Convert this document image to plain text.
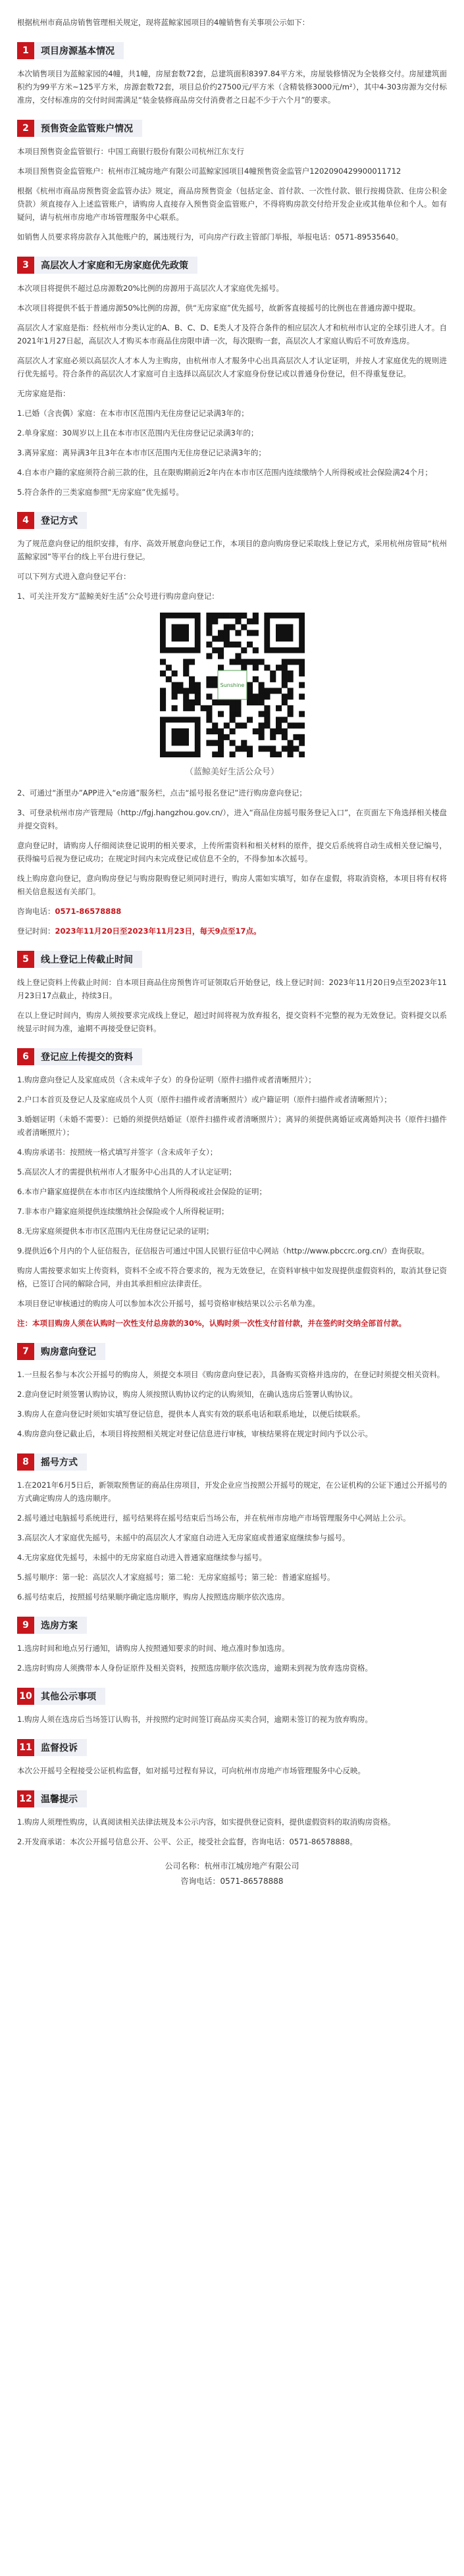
根据杭州市商品房销售管理相关规定，现将蓝鲸家园项目的4幢销售有关事项公示如下：

1	项目房源基本情况

本次销售项目为蓝鲸家园的4幢，共1幢，房屋套数72套，总建筑面积8397.84平方米，房屋装修情况为全装修交付。房屋建筑面积约为99平方米~125平方米，房源套数72套，项目总价约27500元/平方米（含精装修3000元/m²），其中4-303房源为交付标准房，交付标准房的交付时间需满足“装金装修商品房交付消费者之日起不少于六个月”的要求。

2	预售资金监管账户情况

本项目预售资金监管银行：中国工商银行股份有限公司杭州江东支行

本项目预售资金监管账户：杭州市江城房地产有限公司蓝鲸家园项目4幢预售资金监管户1202090429900011712

根据《杭州市商品房预售资金监管办法》规定，商品房预售资金（包括定金、首付款、一次性付款、银行按揭贷款、住房公积金贷款）须直接存入上述监管账户，请购房人直接存入预售资金监管账户，不得将购房款交付给开发企业或其他单位和个人。如有疑问，请与杭州市房地产市场管理服务中心联系。

如销售人员要求将房款存入其他账户的，属违规行为，可向房产行政主管部门举报，举报电话：0571-89535640。

3	高层次人才家庭和无房家庭优先政策

本次项目将提供不超过总房源数20%比例的房源用于高层次人才家庭优先摇号。

本次项目将提供不低于普通房源50%比例的房源，供“无房家庭”优先摇号，故新客直接摇号的比例也在普通房源中提取。

高层次人才家庭是指：经杭州市分类认定的A、B、C、D、E类人才及符合条件的相应层次人才和杭州市认定的全球引进人才。自2021年1月27日起，高层次人才购买本市商品住房限申请一次，每次限购一套，高层次人才家庭认购后不可放弃选房。

高层次人才家庭必须以高层次人才本人为主购房，由杭州市人才服务中心出具高层次人才认定证明，并按人才家庭优先的规则进行优先摇号。符合条件的高层次人才家庭可自主选择以高层次人才家庭身份登记或以普通身份登记，但不得重复登记。

无房家庭是指：

1.已婚（含丧偶）家庭：在本市市区范围内无住房登记记录满3年的；

2.单身家庭：30周岁以上且在本市市区范围内无住房登记记录满3年的；

3.离异家庭：离异满3年且3年在本市市区范围内无住房登记记录满3年的；

4.自本市户籍的家庭须符合前三款的住，且在限购期前近2年内在本市市区范围内连续缴纳个人所得税或社会保险满24个月；

5.符合条件的三类家庭参照“无房家庭”优先摇号。

4	登记方式

为了规范意向登记的组织安排，有序、高效开展意向登记工作，本项目的意向购房登记采取线上登记方式，采用杭州房管局“杭州蓝鲸家园”等平台的线上平台进行登记。

可以下列方式进入意向登记平台：

1、可关注开发方“蓝鲸美好生活”公众号进行购房意向登记：

Sunshine
（蓝鲸美好生活公众号）

2、可通过“浙里办”APP进入“e房通”服务栏，点击“摇号报名登记”进行购房意向登记；

3、可登录杭州市房产管理局（http://fgj.hangzhou.gov.cn/），进入“商品住房摇号服务登记入口”，在页面左下角选择相关楼盘并提交资料。

意向登记时，请购房人仔细阅读登记说明的相关要求，上传所需资料和相关材料的原件，提交后系统将自动生成相关登记编号，获得编号后视为登记成功；在规定时间内未完成登记或信息不全的，不得参加本次摇号。

线上购房意向登记，意向购房登记与购房限购登记须同时进行，购房人需如实填写，如存在虚假，将取消资格，本项目将有权将相关信息报送有关部门。

咨询电话：0571-86578888

登记时间：2023年11月20日至2023年11月23日，每天9点至17点。

5	线上登记上传截止时间

线上登记资料上传截止时间：自本项目商品住房预售许可证领取后开始登记，线上登记时间：2023年11月20日9点至2023年11月23日17点截止，持续3日。

在以上登记时间内，购房人须按要求完成线上登记，超过时间将视为放弃报名，提交资料不完整的视为无效登记。资料提交以系统显示时间为准，逾期不再接受登记资料。

6	登记应上传提交的资料

1.购房意向登记人及家庭成员（含未成年子女）的身份证明（原件扫描件或者清晰照片）；

2.户口本首页及登记人及家庭成员个人页（原件扫描件或者清晰照片）或户籍证明（原件扫描件或者清晰照片）；

3.婚姻证明（未婚不需要）：已婚的须提供结婚证（原件扫描件或者清晰照片）；离异的须提供离婚证或离婚判决书（原件扫描件或者清晰照片）；

4.购房承诺书：按照统一格式填写并签字（含未成年子女）；

5.高层次人才的需提供杭州市人才服务中心出具的人才认定证明；

6.本市户籍家庭提供在本市市区内连续缴纳个人所得税或社会保险的证明；

7.非本市户籍家庭须提供连续缴纳社会保险或个人所得税证明；

8.无房家庭须提供本市市区范围内无住房登记记录的证明；

9.提供近6个月内的个人征信报告，征信报告可通过中国人民银行征信中心网站（http://www.pbccrc.org.cn/）查询获取。

购房人需按要求如实上传资料，资料不全或不符合要求的，视为无效登记，在资料审核中如发现提供虚假资料的，取消其登记资格，已签订合同的解除合同，并由其承担相应法律责任。

本项目登记审核通过的购房人可以参加本次公开摇号，摇号资格审核结果以公示名单为准。

注：本项目购房人须在认购时一次性支付总房款的30%，认购时须一次性支付首付款，并在签约时交纳全部首付款。

7	购房意向登记

1.一旦报名参与本次公开摇号的购房人，须提交本项目《购房意向登记表》，具备购买资格并选房的，在登记时须提交相关资料。

2.意向登记时须签署认购协议，购房人须按照认购协议约定的认购须知，在确认选房后签署认购协议。

3.购房人在意向登记时须如实填写登记信息，提供本人真实有效的联系电话和联系地址，以便后续联系。

4.购房意向登记截止后，本项目将按照相关规定对登记信息进行审核，审核结果将在规定时间内予以公示。

8	摇号方式

1.在2021年6月5日后，新领取预售证的商品住房项目，开发企业应当按照公开摇号的规定，在公证机构的公证下通过公开摇号的方式确定购房人的选房顺序。

2.摇号通过电脑摇号系统进行，摇号结果将在摇号结束后当场公布，并在杭州市房地产市场管理服务中心网站上公示。

3.高层次人才家庭优先摇号，未摇中的高层次人才家庭自动进入无房家庭或普通家庭继续参与摇号。

4.无房家庭优先摇号，未摇中的无房家庭自动进入普通家庭继续参与摇号。

5.摇号顺序：第一轮：高层次人才家庭摇号；第二轮：无房家庭摇号；第三轮：普通家庭摇号。

6.摇号结束后，按照摇号结果顺序确定选房顺序，购房人按照选房顺序依次选房。

9	选房方案

1.选房时间和地点另行通知，请购房人按照通知要求的时间、地点准时参加选房。

2.选房时购房人须携带本人身份证原件及相关资料，按照选房顺序依次选房，逾期未到视为放弃选房资格。

10 其他公示事项

1.购房人须在选房后当场签订认购书，并按照约定时间签订商品房买卖合同，逾期未签订的视为放弃购房。

11 监督投诉

本次公开摇号全程接受公证机构监督，如对摇号过程有异议，可向杭州市房地产市场管理服务中心反映。

12 温馨提示

1.购房人须理性购房，认真阅读相关法律法规及本公示内容，如实提供登记资料，提供虚假资料的取消购房资格。

2.开发商承诺：本次公开摇号信息公开、公平、公正，接受社会监督，咨询电话：0571-86578888。

公司名称：杭州市江城房地产有限公司
咨询电话：0571-86578888
